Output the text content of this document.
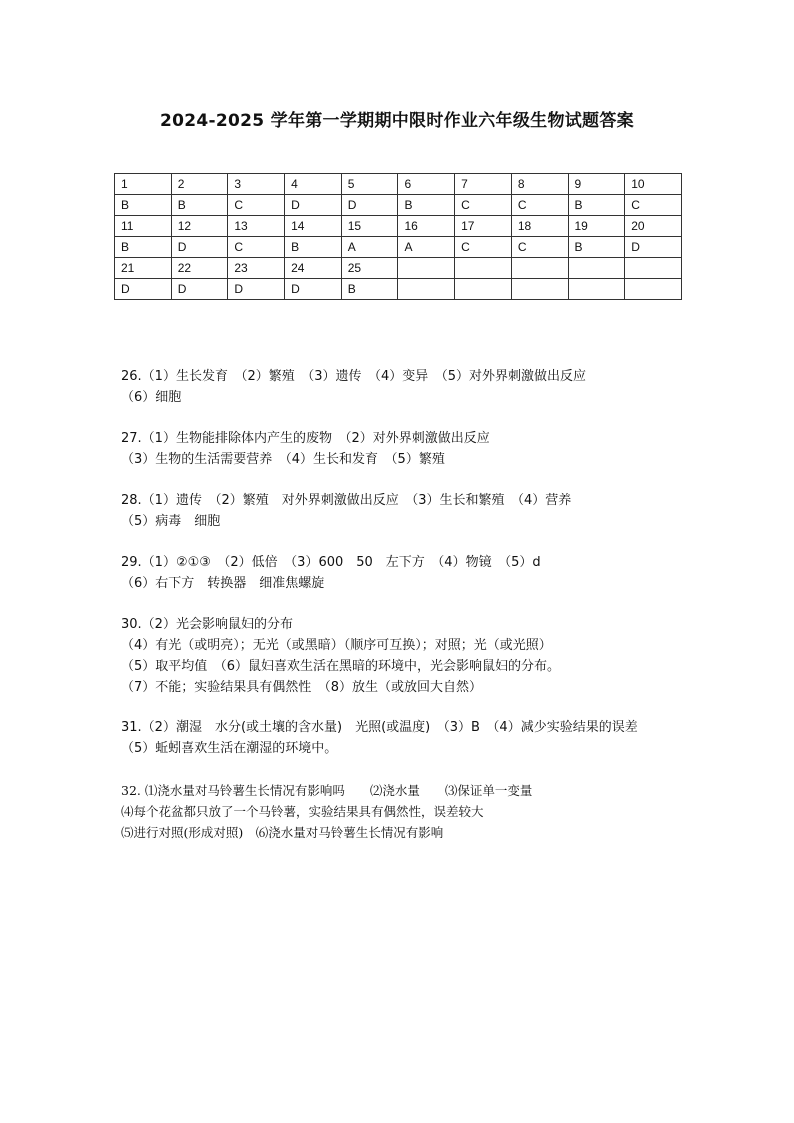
2024-2025 学年第一学期期中限时作业六年级生物试题答案
1	2	3	4	5	6	7	8	9	10
B	B	C	D	D	B	C	C	B	C
11	12	13	14	15	16	17	18	19	20
B	D	C	B	A	A	C	C	B	D
21	22	23	24	25					
D	D	D	D	B					
26.（1）生长发育　（2）繁殖　（3）遗传　（4）变异　（5）对外界刺激做出反应
（6）细胞
27.（1）生物能排除体内产生的废物　（2）对外界刺激做出反应
（3）生物的生活需要营养　（4）生长和发育　（5）繁殖
28.（1）遗传　（2）繁殖　对外界刺激做出反应　（3）生长和繁殖　（4）营养
（5）病毒　细胞
29.（1）②①③　（2）低倍　（3）600　50　左下方　（4）物镜　（5）d
（6）右下方　转换器　细准焦螺旋
30.（2）光会影响鼠妇的分布
（4）有光（或明亮）；无光（或黑暗）（顺序可互换）；对照；光（或光照）
（5）取平均值　（6）鼠妇喜欢生活在黑暗的环境中，光会影响鼠妇的分布。
（7）不能；实验结果具有偶然性　（8）放生（或放回大自然）
31.（2）潮湿　水分(或土壤的含水量)　光照(或温度)　（3）B　（4）减少实验结果的误差
（5）蚯蚓喜欢生活在潮湿的环境中。
32. ⑴浇水量对马铃薯生长情况有影响吗　　⑵浇水量　　⑶保证单一变量
⑷每个花盆都只放了一个马铃薯，实验结果具有偶然性，误差较大
⑸进行对照(形成对照)　⑹浇水量对马铃薯生长情况有影响
